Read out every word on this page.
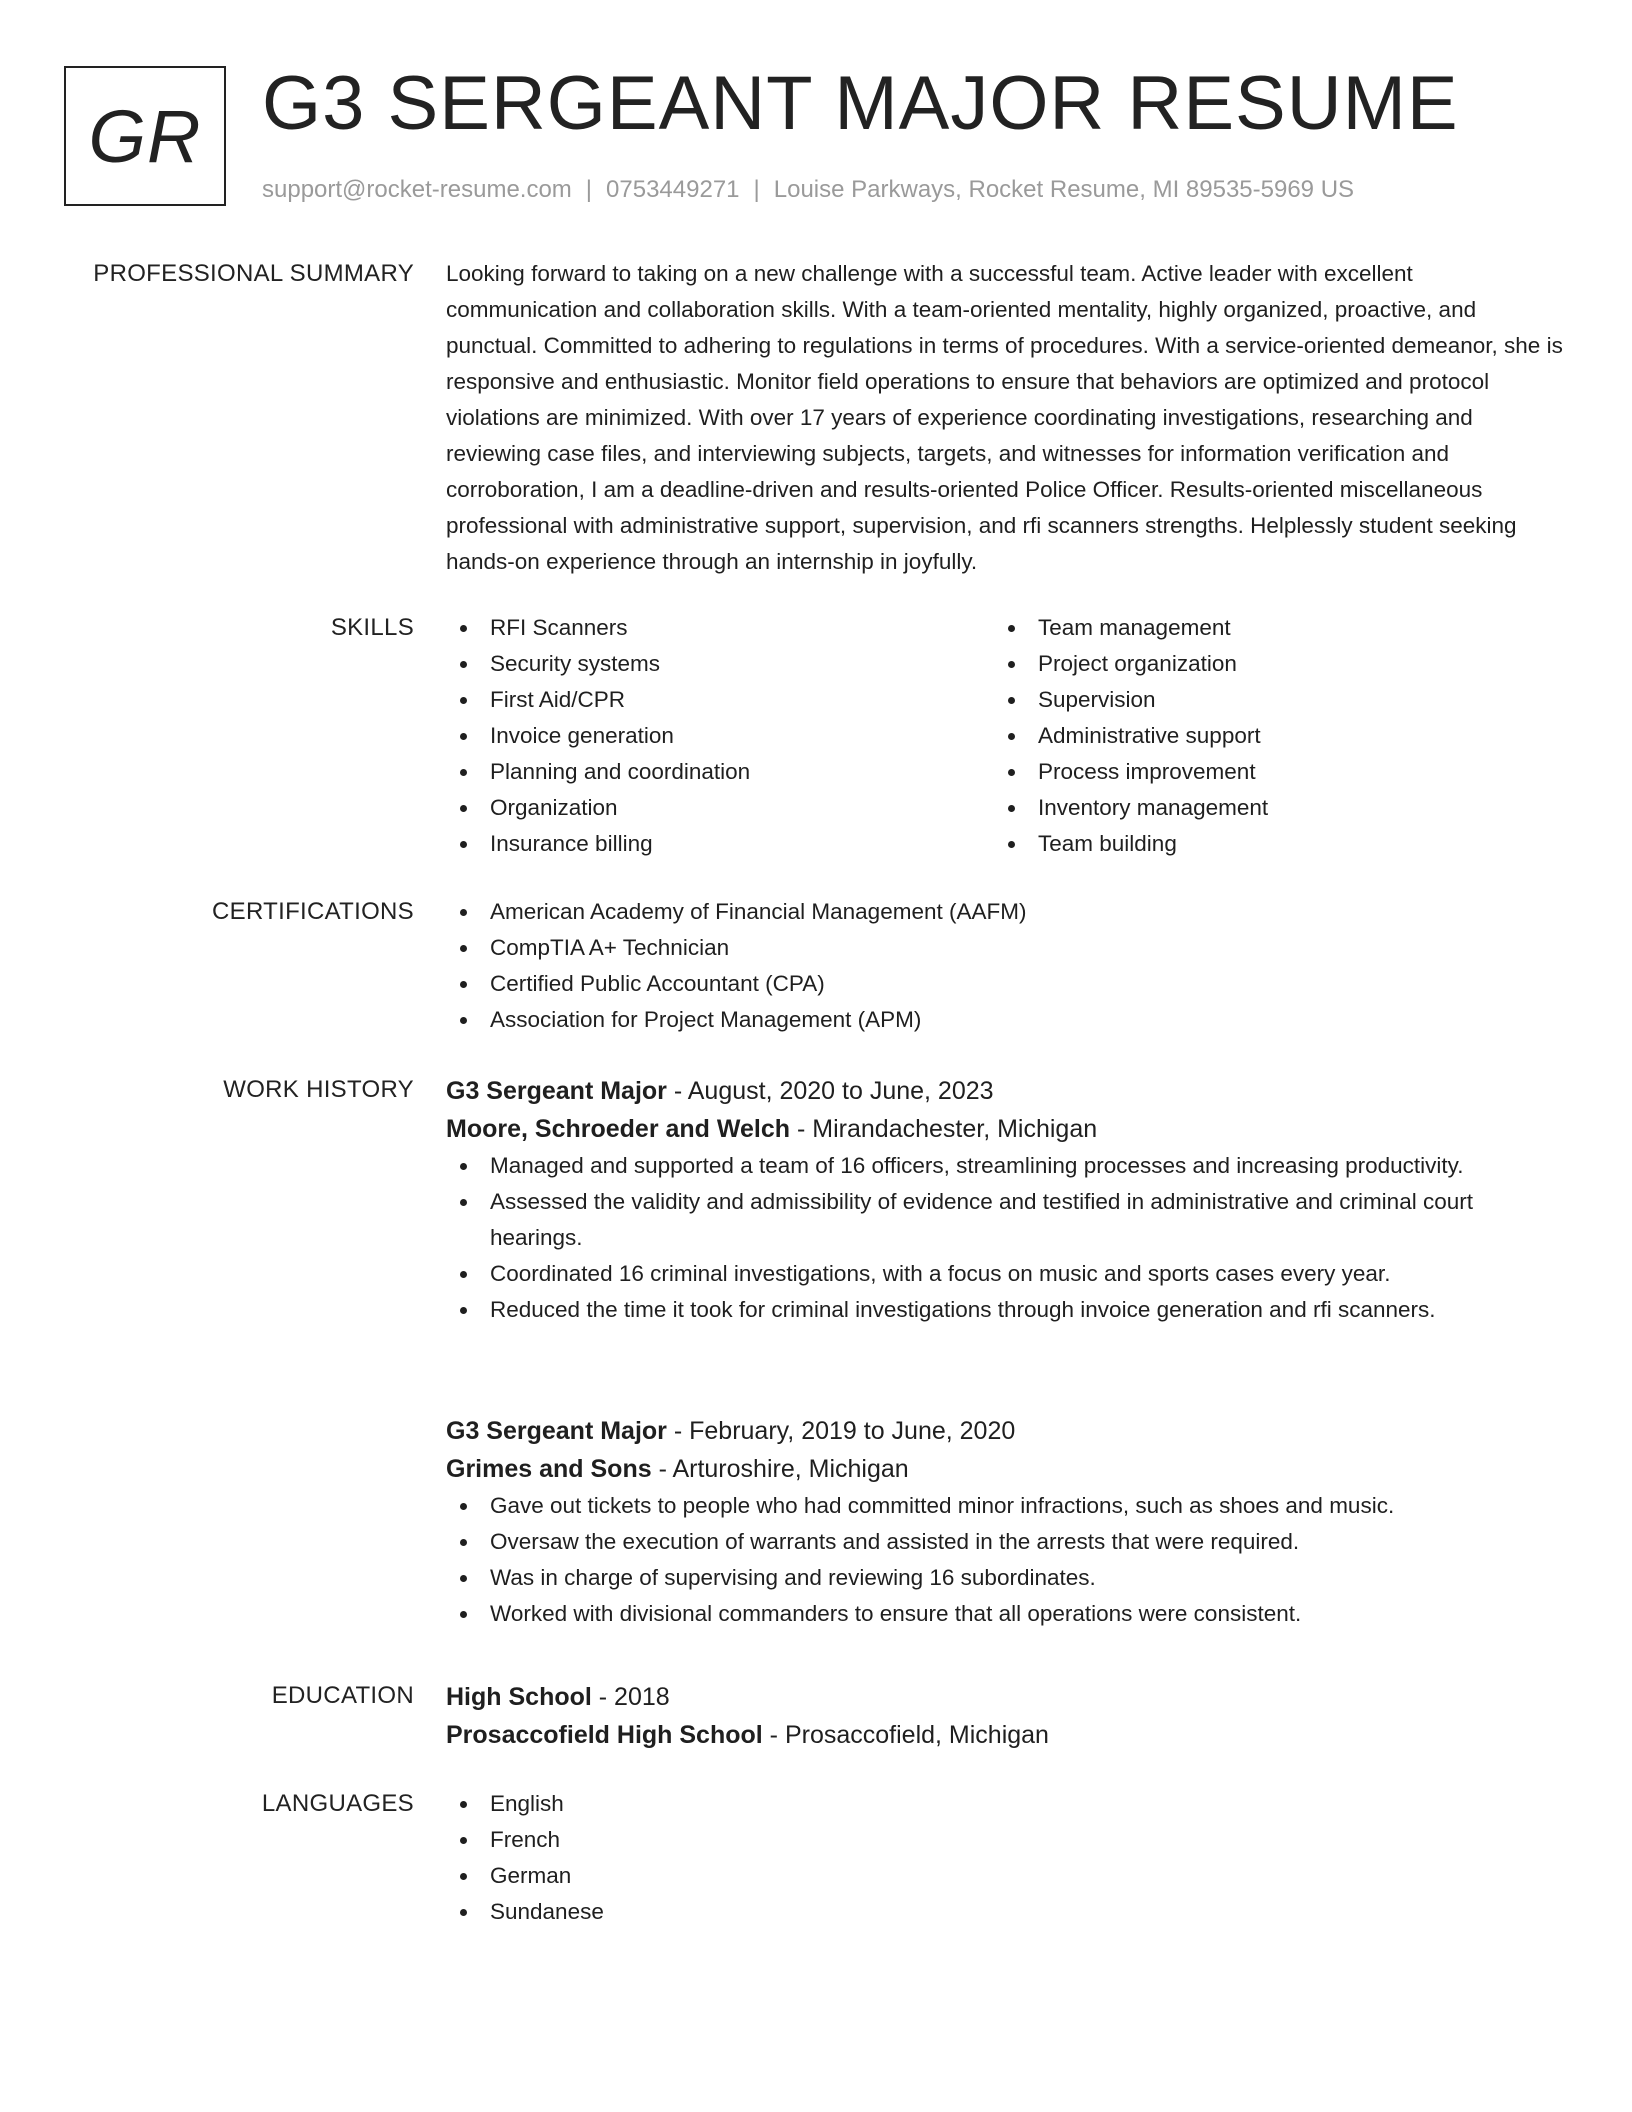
GR G3 SERGEANT MAJOR RESUME
support@rocket-resume.com | 0753449271 | Louise Parkways, Rocket Resume, MI 89535-5969 US
PROFESSIONAL SUMMARY Looking forward to taking on a new challenge with a successful team. Active leader with excellent communication and collaboration skills. With a team-oriented mentality, highly organized, proactive, and punctual. Committed to adhering to regulations in terms of procedures. With a service-oriented demeanor, she is responsive and enthusiastic. Monitor field operations to ensure that behaviors are optimized and protocol violations are minimized. With over 17 years of experience coordinating investigations, researching and reviewing case files, and interviewing subjects, targets, and witnesses for information verification and corroboration, I am a deadline-driven and results-oriented Police Officer. Results-oriented miscellaneous professional with administrative support, supervision, and rfi scanners strengths. Helplessly student seeking hands-on experience through an internship in joyfully.

SKILLS	RFI Scanners
Security systems
First Aid/CPR
Invoice generation
Planning and coordination
Organization
Insurance billing
Team management
Project organization
Supervision
Administrative support
Process improvement
Inventory management
Team building
CERTIFICATIONS	American Academy of Financial Management (AAFM)
CompTIA A+ Technician
Certified Public Accountant (CPA)
Association for Project Management (APM)
WORK HISTORY G3 Sergeant Major - August, 2020 to June, 2023
Moore, Schroeder and Welch - Mirandachester, Michigan
Managed and supported a team of 16 officers, streamlining processes and increasing productivity.
Assessed the validity and admissibility of evidence and testified in administrative and criminal court hearings.
Coordinated 16 criminal investigations, with a focus on music and sports cases every year.
Reduced the time it took for criminal investigations through invoice generation and rfi scanners.
G3 Sergeant Major - February, 2019 to June, 2020
Grimes and Sons - Arturoshire, Michigan
Gave out tickets to people who had committed minor infractions, such as shoes and music.
Oversaw the execution of warrants and assisted in the arrests that were required.
Was in charge of supervising and reviewing 16 subordinates.
Worked with divisional commanders to ensure that all operations were consistent.
EDUCATION High School - 2018
Prosaccofield High School - Prosaccofield, Michigan
LANGUAGES	English
French
German
Sundanese
